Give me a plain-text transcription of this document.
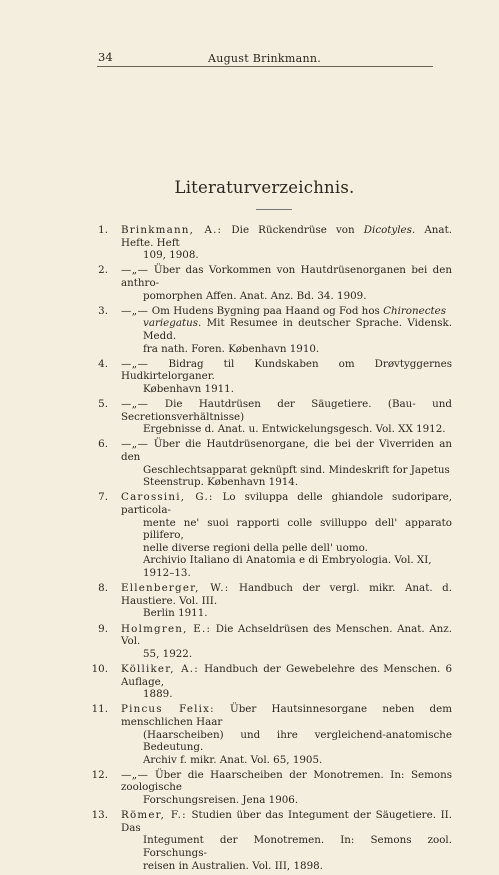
34	August Brinkmann.
Literaturverzeichnis.
1. Brinkmann, A.: Die Rückendrüse von Dicotyles. Anat. Hefte. Heft
109, 1908.
2. —„— Über das Vorkommen von Hautdrüsenorganen bei den anthro-
pomorphen Affen. Anat. Anz. Bd. 34. 1909.
3. —„— Om Hudens Bygning paa Haand og Fod hos Chironectes
variegatus. Mit Resumee in deutscher Sprache. Vidensk. Medd.
fra nath. Foren. København 1910.
4. —„— Bidrag til Kundskaben om Drøvtyggernes Hudkirtelorganer.
København 1911.
5. —„— Die Hautdrüsen der Säugetiere. (Bau- und Secretionsverhältnisse)
Ergebnisse d. Anat. u. Entwickelungsgesch. Vol. XX 1912.
6. —„— Über die Hautdrüsenorgane, die bei der Viverriden an den
Geschlechtsapparat geknüpft sind. Mindeskrift for Japetus
Steenstrup. København 1914.
7. Carossini, G.: Lo sviluppa delle ghiandole sudoripare, particola-
mente ne' suoi rapporti colle svilluppo dell' apparato pilifero,
nelle diverse regioni della pelle dell' uomo.
Archivio Italiano di Anatomia e di Embryologia. Vol. XI,
1912–13.
8. Ellenberger, W.: Handbuch der vergl. mikr. Anat. d. Haustiere. Vol. III.
Berlin 1911.
9. Holmgren, E.: Die Achseldrüsen des Menschen. Anat. Anz. Vol.
55, 1922.
10. Kölliker, A.: Handbuch der Gewebelehre des Menschen. 6 Auflage,
1889.
11. Pincus Felix: Über Hautsinnesorgane neben dem menschlichen Haar
(Haarscheiben) und ihre vergleichend-anatomische Bedeutung.
Archiv f. mikr. Anat. Vol. 65, 1905.
12. —„— Über die Haarscheiben der Monotremen. In: Semons zoologische
Forschungsreisen. Jena 1906.
13. Römer, F.: Studien über das Integument der Säugetiere. II. Das
Integument der Monotremen. In: Semons zool. Forschungs-
reisen in Australien. Vol. III, 1898.
